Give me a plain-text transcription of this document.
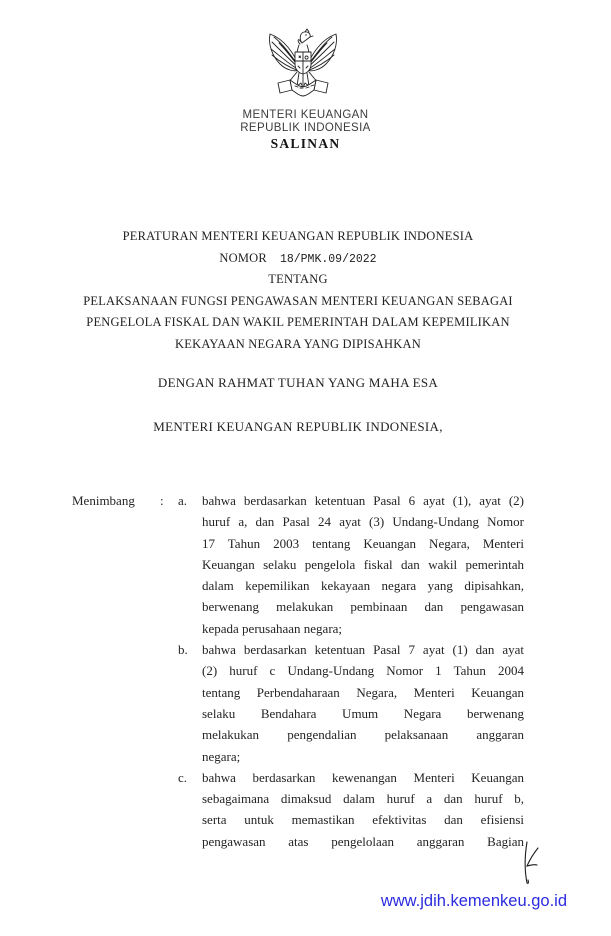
MENTERI KEUANGAN
REPUBLIK INDONESIA
SALINAN
PERATURAN MENTERI KEUANGAN REPUBLIK INDONESIA
NOMOR 18/PMK.09/2022
TENTANG
PELAKSANAAN FUNGSI PENGAWASAN MENTERI KEUANGAN SEBAGAI
PENGELOLA FISKAL DAN WAKIL PEMERINTAH DALAM KEPEMILIKAN
KEKAYAAN NEGARA YANG DIPISAHKAN
DENGAN RAHMAT TUHAN YANG MAHA ESA
MENTERI KEUANGAN REPUBLIK INDONESIA,
Menimbang : a.	bahwa berdasarkan ketentuan Pasal 6 ayat (1), ayat (2)
huruf a, dan Pasal 24 ayat (3) Undang-Undang Nomor
17 Tahun 2003 tentang Keuangan Negara, Menteri
Keuangan selaku pengelola fiskal dan wakil pemerintah
dalam kepemilikan kekayaan negara yang dipisahkan,
berwenang melakukan pembinaan dan pengawasan
kepada perusahaan negara;
b.	bahwa berdasarkan ketentuan Pasal 7 ayat (1) dan ayat
(2) huruf c Undang-Undang Nomor 1 Tahun 2004
tentang Perbendaharaan Negara, Menteri Keuangan
selaku Bendahara Umum Negara berwenang
melakukan pengendalian pelaksanaan anggaran
negara;
c.	bahwa berdasarkan kewenangan Menteri Keuangan
sebagaimana dimaksud dalam huruf a dan huruf b,
serta untuk memastikan efektivitas dan efisiensi
pengawasan atas pengelolaan anggaran Bagian
www.jdih.kemenkeu.go.id
